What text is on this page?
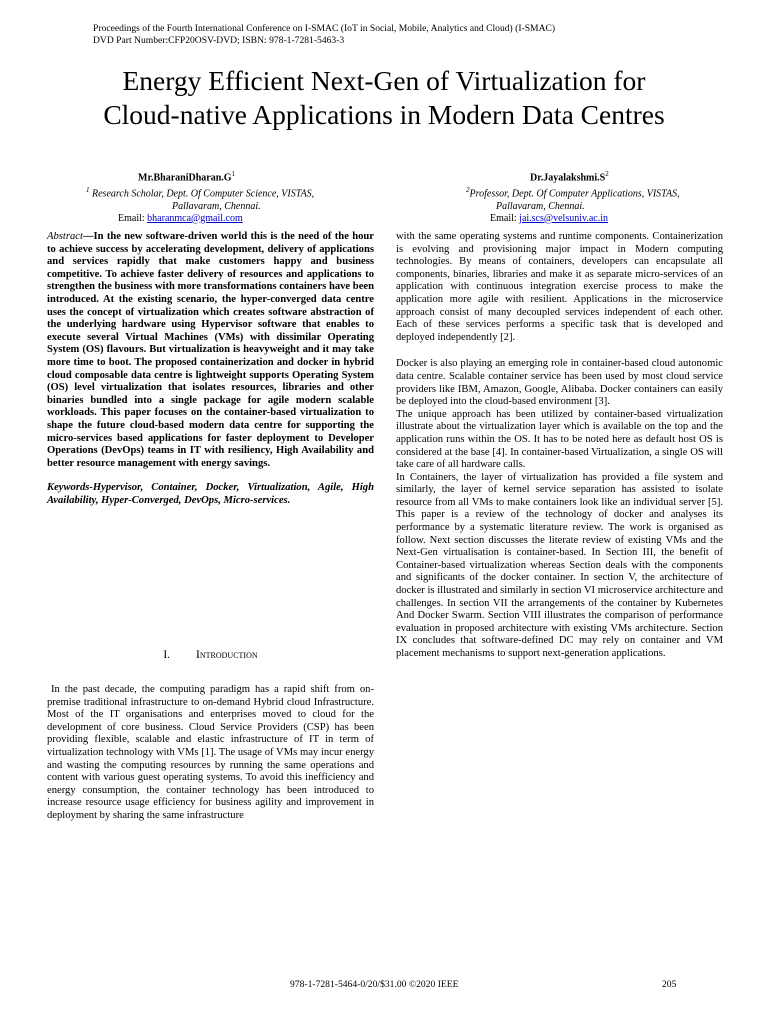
Proceedings of the Fourth International Conference on I-SMAC (IoT in Social, Mobile, Analytics and Cloud) (I-SMAC)
DVD Part Number:CFP20OSV-DVD; ISBN: 978-1-7281-5463-3
Energy Efficient Next-Gen of Virtualization for
Cloud-native Applications in Modern Data Centres
$Mr.BharaniDharan.G^1$
$^1$ Research Scholar, Dept. Of Computer Science, VISTAS,
Pallavaram, Chennai.
Email: bharanmca@gmail.com
$Dr.Jayalakshmi.S^2$
$^2$Professor, Dept. Of Computer Applications, VISTAS,
Pallavaram, Chennai.
Email: jai.scs@velsuniv.ac.in

Abstract—In the new software-driven world this is the need of the hour to achieve success by accelerating development, delivery of applications and services rapidly that make customers happy and business competitive. To achieve faster delivery of resources and applications to strengthen the business with more transformations containers have been introduced. At the existing scenario, the hyper-converged data centre uses the concept of virtualization which creates software abstraction of the underlying hardware using Hypervisor software that enables to execute several Virtual Machines (VMs) with dissimilar Operating System (OS) flavours. But virtualization is heavyweight and it may take more time to boot. The proposed containerization and docker in hybrid cloud composable data centre is lightweight supports Operating System (OS) level virtualization that isolates resources, libraries and other binaries bundled into a single package for agile modern scalable workloads. This paper focuses on the container-based virtualization to shape the future cloud-based modern data centre for supporting the micro-services based applications for faster deployment to Developer Operations (DevOps) teams in IT with resiliency, High Availability and better resource management with energy savings.

Keywords-Hypervisor, Container, Docker, Virtualization, Agile, High Availability, Hyper-Converged, DevOps, Micro-services.

I. Introduction

In the past decade, the computing paradigm has a rapid shift from on-premise traditional infrastructure to on-demand Hybrid cloud Infrastructure. Most of the IT organisations and enterprises moved to cloud for the development of core business. Cloud Service Providers (CSP) has been providing flexible, scalable and elastic infrastructure of IT in term of virtualization technology with VMs [1]. The usage of VMs may incur energy and wasting the computing resources by running the same operations and content with various guest operating systems. To avoid this inefficiency and energy consumption, the container technology has been introduced to increase resource usage efficiency for business agility and improvement in deployment by sharing the same infrastructure

with the same operating systems and runtime components. Containerization is evolving and provisioning major impact in Modern computing technologies. By means of containers, developers can encapsulate all components, binaries, libraries and make it as separate micro-services of an application with continuous integration exercise process to make the application more agile with resilient. Applications in the microservice approach consist of many decoupled services independent of each other. Each of these services performs a specific task that is developed and deployed independently [2].

Docker is also playing an emerging role in container-based cloud autonomic data centre. Scalable container service has been used by most cloud service providers like IBM, Amazon, Google, Alibaba. Docker containers can easily be deployed into the cloud-based environment [3].

The unique approach has been utilized by container-based virtualization illustrate about the virtualization layer which is available on the top and the application runs within the OS. It has to be noted here as default host OS is considered at the base [4]. In container-based Virtualization, a single OS will take care of all hardware calls.

In Containers, the layer of virtualization has provided a file system and similarly, the layer of kernel service separation has assisted to isolate resource from all VMs to make containers look like an individual server [5]. This paper is a review of the technology of docker and analyses its performance by a systematic literature review. The work is organised as follow. Next section discusses the literate review of existing VMs and the Next-Gen virtualisation is container-based. In Section III, the benefit of Container-based virtualization whereas Section deals with the components and significants of the docker container. In section V, the architecture of docker is illustrated and similarly in section VI microservice architecture and challenges. In section VII the arrangements of the container by Kubernetes And Docker Swarm. Section VIII illustrates the comparison of performance evaluation in proposed architecture with existing VMs architecture. Section IX concludes that software-defined DC may rely on container and VM placement mechanisms to support next-generation applications.

978-1-7281-5464-0/20/$31.00 ©2020 IEEE	205
